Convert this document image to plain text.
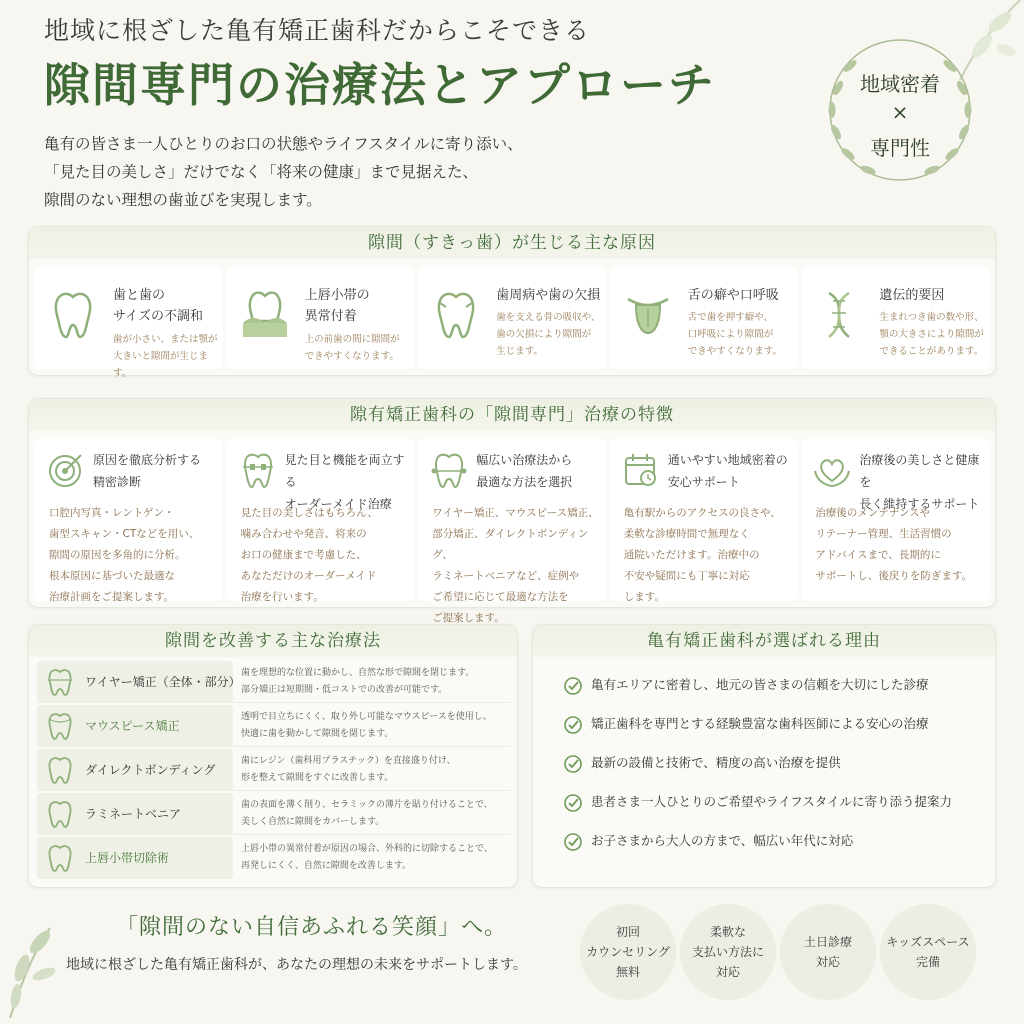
地域に根ざした亀有矯正歯科だからこそできる
隙間専門の治療法とアプローチ

亀有の皆さま一人ひとりのお口の状態やライフスタイルに寄り添い、

「見た目の美しさ」だけでなく「将来の健康」まで見据えた、

隙間のない理想の歯並びを実現します。

地域密着
×
専門性
隙間（すきっ歯）が生じる主な原因
歯と歯の
サイズの不調和
歯が小さい、または顎が
大きいと隙間が生じます。
上唇小帯の
異常付着
上の前歯の間に隙間が
できやすくなります。
歯周病や歯の欠損
歯を支える骨の吸収や、
歯の欠損により隙間が
生じます。
舌の癖や口呼吸
舌で歯を押す癖や、
口呼吸により隙間が
できやすくなります。
遺伝的要因
生まれつき歯の数や形、
顎の大きさにより隙間が
できることがあります。
隙有矯正歯科の「隙間専門」治療の特徴
原因を徹底分析する
精密診断
口腔内写真・レントゲン・
歯型スキャン・CTなどを用い、
隙間の原因を多角的に分析。
根本原因に基づいた最適な
治療計画をご提案します。
見た目と機能を両立する
オーダーメイド治療
見た目の美しさはもちろん、
噛み合わせや発音、将来の
お口の健康まで考慮した、
あなただけのオーダーメイド
治療を行います。
幅広い治療法から
最適な方法を選択
ワイヤー矯正、マウスピース矯正、
部分矯正、ダイレクトボンディング、
ラミネートベニアなど、症例や
ご希望に応じて最適な方法を
ご提案します。
通いやすい地域密着の
安心サポート
亀有駅からのアクセスの良さや、
柔軟な診療時間で無理なく
通院いただけます。治療中の
不安や疑問にも丁寧に対応
します。
治療後の美しさと健康を
長く維持するサポート
治療後のメンテナンスや
リテーナー管理、生活習慣の
アドバイスまで、長期的に
サポートし、後戻りを防ぎます。
隙間を改善する主な治療法
ワイヤー矯正（全体・部分）
歯を理想的な位置に動かし、自然な形で隙間を閉じます。
部分矯正は短期間・低コストでの改善が可能です。
マウスピース矯正
透明で目立ちにくく、取り外し可能なマウスピースを使用し、
快適に歯を動かして隙間を閉じます。
ダイレクトボンディング
歯にレジン（歯科用プラスチック）を直接盛り付け、
形を整えて隙間をすぐに改善します。
ラミネートベニア
歯の表面を薄く削り、セラミックの薄片を貼り付けることで、
美しく自然に隙間をカバーします。
上唇小帯切除術
上唇小帯の異常付着が原因の場合、外科的に切除することで、
再発しにくく、自然に隙間を改善します。
亀有矯正歯科が選ばれる理由
亀有エリアに密着し、地元の皆さまの信頼を大切にした診療
矯正歯科を専門とする経験豊富な歯科医師による安心の治療
最新の設備と技術で、精度の高い治療を提供
患者さま一人ひとりのご希望やライフスタイルに寄り添う提案力
お子さまから大人の方まで、幅広い年代に対応
「隙間のない自信あふれる笑顔」へ。
地域に根ざした亀有矯正歯科が、あなたの理想の未来をサポートします。
初回
カウンセリング
無料
柔軟な
支払い方法に
対応
土日診療
対応
キッズスペース
完備
